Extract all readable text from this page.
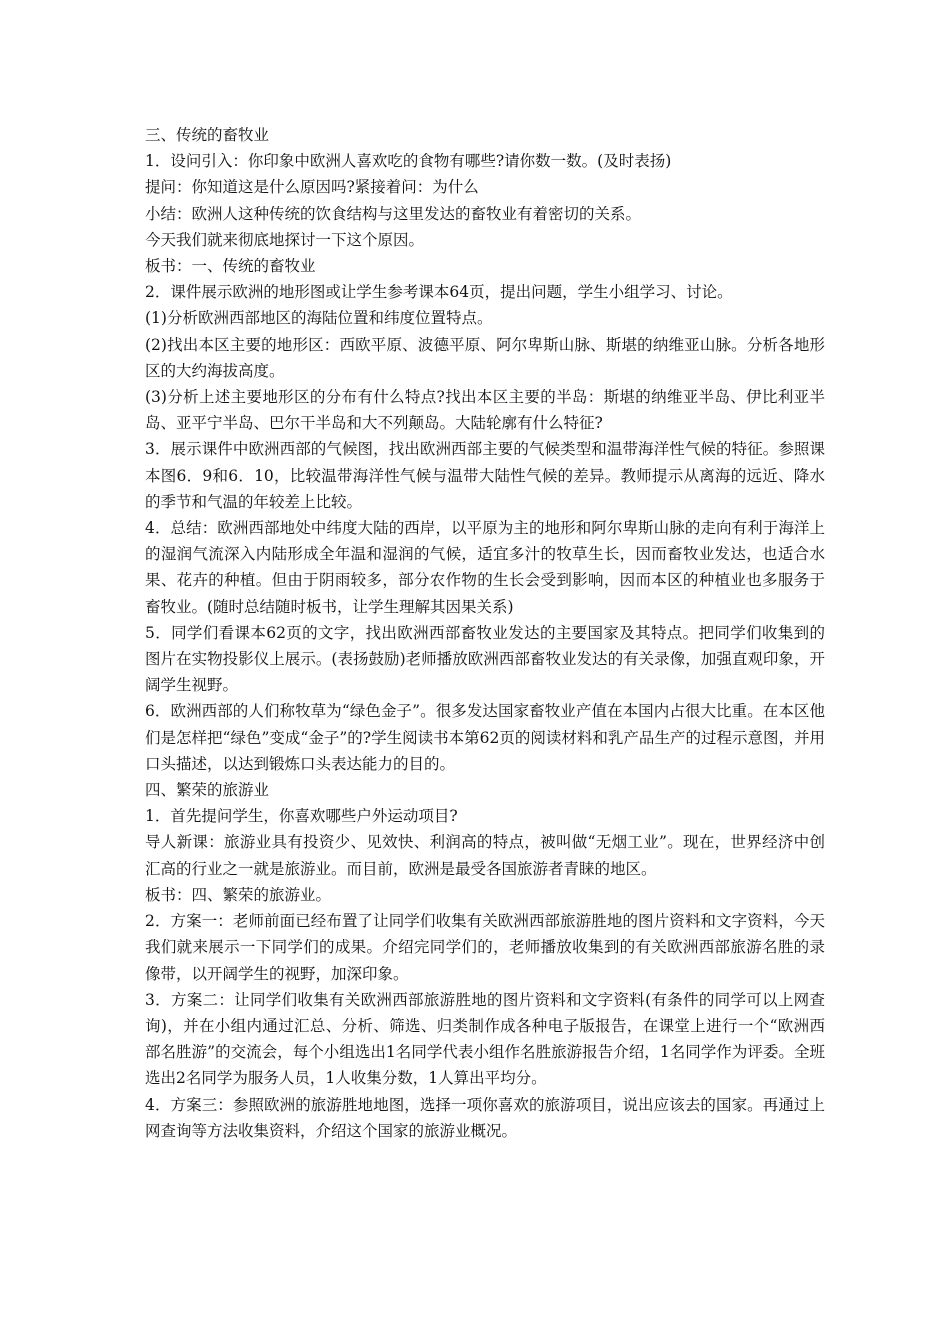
三、传统的畜牧业

1．设问引入：你印象中欧洲人喜欢吃的食物有哪些?请你数一数。(及时表扬)

提问：你知道这是什么原因吗?紧接着问：为什么

小结：欧洲人这种传统的饮食结构与这里发达的畜牧业有着密切的关系。

今天我们就来彻底地探讨一下这个原因。

板书：一、传统的畜牧业

2．课件展示欧洲的地形图或让学生参考课本64页，提出问题，学生小组学习、讨论。

(1)分析欧洲西部地区的海陆位置和纬度位置特点。

(2)找出本区主要的地形区：西欧平原、波德平原、阿尔卑斯山脉、斯堪的纳维亚山脉。分析各地形区的大约海拔高度。

(3)分析上述主要地形区的分布有什么特点?找出本区主要的半岛：斯堪的纳维亚半岛、伊比利亚半岛、亚平宁半岛、巴尔干半岛和大不列颠岛。大陆轮廓有什么特征?

3．展示课件中欧洲西部的气候图，找出欧洲西部主要的气候类型和温带海洋性气候的特征。参照课本图6．9和6．10，比较温带海洋性气候与温带大陆性气候的差异。教师提示从离海的远近、降水的季节和气温的年较差上比较。

4．总结：欧洲西部地处中纬度大陆的西岸，以平原为主的地形和阿尔卑斯山脉的走向有利于海洋上的湿润气流深入内陆形成全年温和湿润的气候，适宜多汁的牧草生长，因而畜牧业发达，也适合水果、花卉的种植。但由于阴雨较多，部分农作物的生长会受到影响，因而本区的种植业也多服务于畜牧业。(随时总结随时板书，让学生理解其因果关系)

5．同学们看课本62页的文字，找出欧洲西部畜牧业发达的主要国家及其特点。把同学们收集到的图片在实物投影仪上展示。(表扬鼓励)老师播放欧洲西部畜牧业发达的有关录像，加强直观印象，开阔学生视野。

6．欧洲西部的人们称牧草为“绿色金子”。很多发达国家畜牧业产值在本国内占很大比重。在本区他们是怎样把“绿色”变成“金子”的?学生阅读书本第62页的阅读材料和乳产品生产的过程示意图，并用口头描述，以达到锻炼口头表达能力的目的。

四、繁荣的旅游业

1．首先提问学生，你喜欢哪些户外运动项目?

导人新课：旅游业具有投资少、见效快、利润高的特点，被叫做“无烟工业”。现在，世界经济中创汇高的行业之一就是旅游业。而目前，欧洲是最受各国旅游者青睐的地区。

板书：四、繁荣的旅游业。

2．方案一：老师前面已经布置了让同学们收集有关欧洲西部旅游胜地的图片资料和文字资料，今天我们就来展示一下同学们的成果。介绍完同学们的，老师播放收集到的有关欧洲西部旅游名胜的录像带，以开阔学生的视野，加深印象。

3．方案二：让同学们收集有关欧洲西部旅游胜地的图片资料和文字资料(有条件的同学可以上网查询)，并在小组内通过汇总、分析、筛选、归类制作成各种电子版报告，在课堂上进行一个“欧洲西部名胜游”的交流会，每个小组选出1名同学代表小组作名胜旅游报告介绍，1名同学作为评委。全班选出2名同学为服务人员，1人收集分数，1人算出平均分。

4．方案三：参照欧洲的旅游胜地地图，选择一项你喜欢的旅游项目，说出应该去的国家。再通过上网查询等方法收集资料，介绍这个国家的旅游业概况。
